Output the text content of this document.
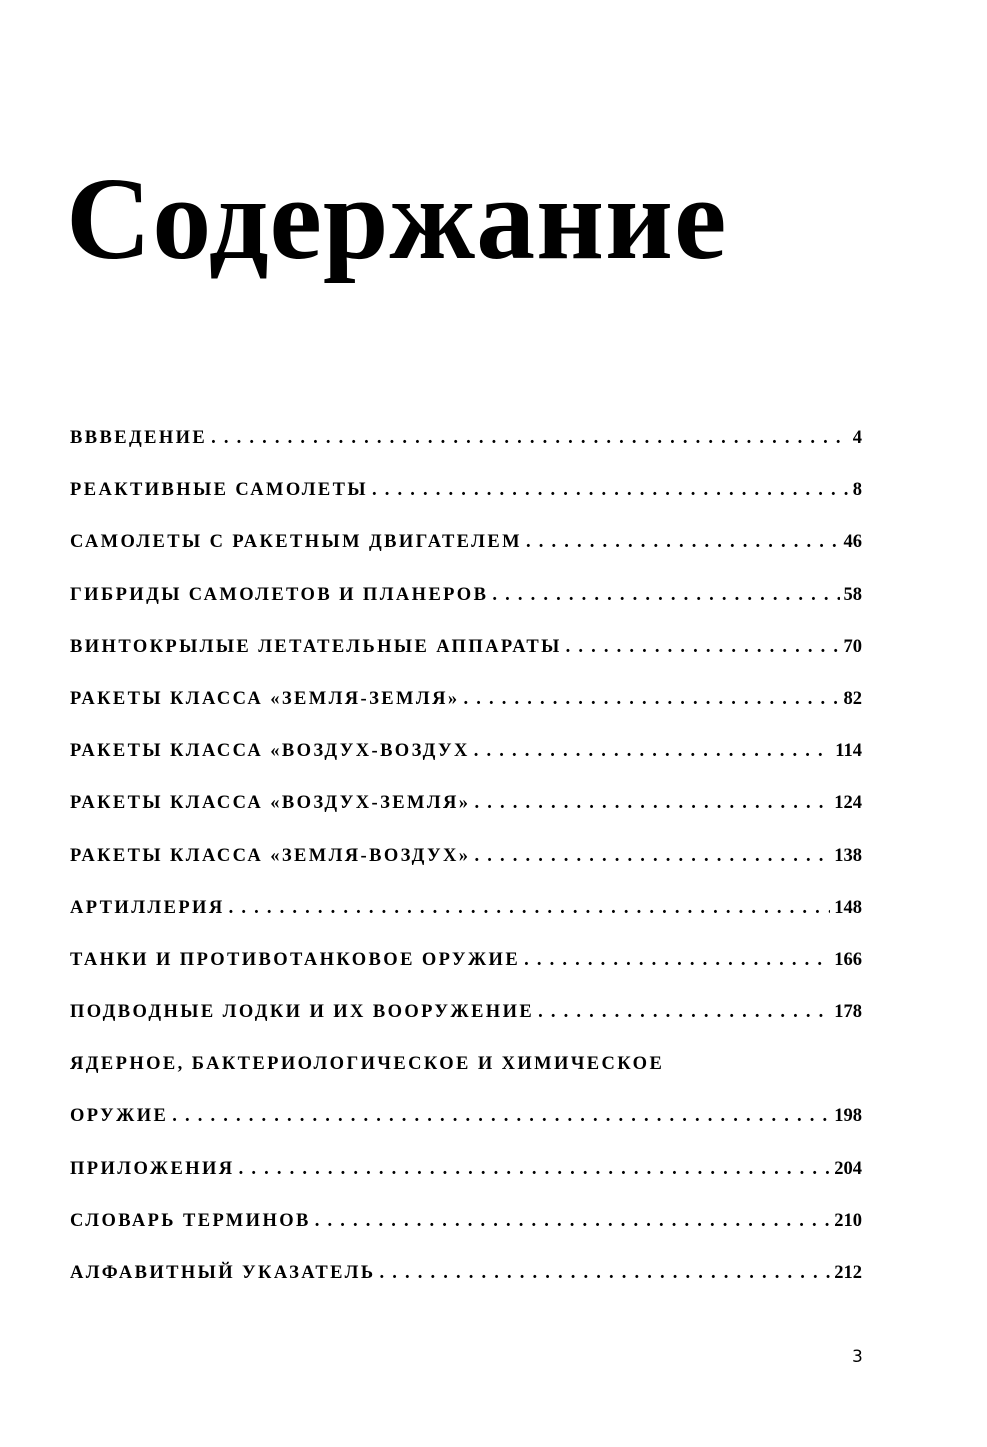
Содержание
ВВВЕДЕНИЕ . . .	4
РЕАКТИВНЫЕ САМОЛЕТЫ . . .	8
САМОЛЕТЫ С РАКЕТНЫМ ДВИГАТЕЛЕМ . . .	46
ГИБРИДЫ САМОЛЕТОВ И ПЛАНЕРОВ . . .	58
ВИНТОКРЫЛЫЕ ЛЕТАТЕЛЬНЫЕ АППАРАТЫ . . .	70
РАКЕТЫ КЛАССА «ЗЕМЛЯ-ЗЕМЛЯ» . . .	82
РАКЕТЫ КЛАССА «ВОЗДУХ-ВОЗДУХ . . .	114
РАКЕТЫ КЛАССА «ВОЗДУХ-ЗЕМЛЯ» . . .	124
РАКЕТЫ КЛАССА «ЗЕМЛЯ-ВОЗДУХ» . . .	138
АРТИЛЛЕРИЯ . . .	148
ТАНКИ И ПРОТИВОТАНКОВОЕ ОРУЖИЕ . . .	166
ПОДВОДНЫЕ ЛОДКИ И ИХ ВООРУЖЕНИЕ . . .	178
ЯДЕРНОЕ, БАКТЕРИОЛОГИЧЕСКОЕ И ХИМИЧЕСКОЕ
ОРУЖИЕ . . .	198
ПРИЛОЖЕНИЯ . . .	204
СЛОВАРЬ ТЕРМИНОВ . . .	210
АЛФАВИТНЫЙ УКАЗАТЕЛЬ . . .	212
3
